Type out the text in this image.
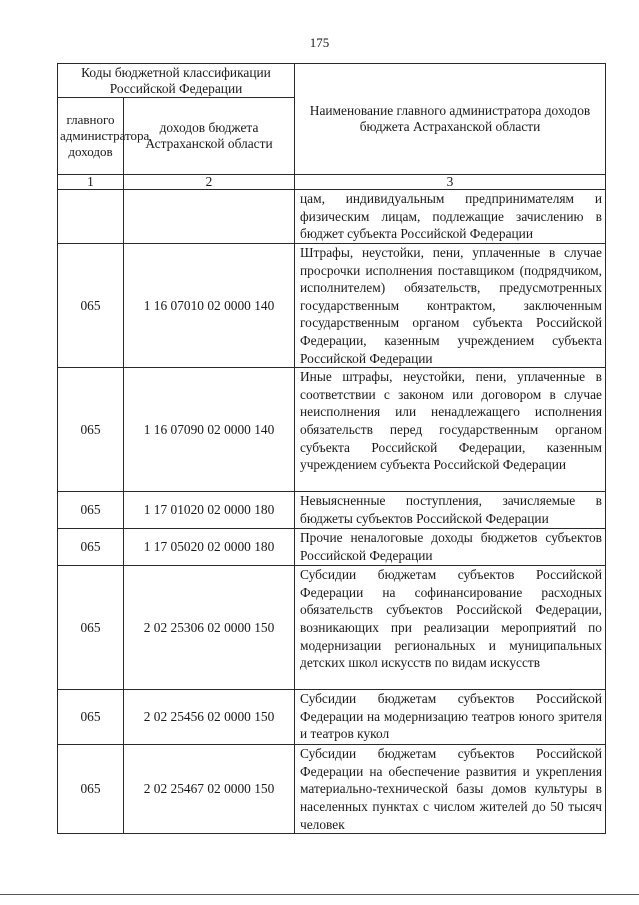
175
Коды бюджетной классификации Российской Федерации		Наименование главного администратора доходов бюджета Астраханской области
главного администратора доходов	доходов бюджета Астраханской области	
1	2	3
		цам, индивидуальным предпринимателям и физическим лицам, подлежащие зачислению в бюджет субъекта Российской Федерации
065	1 16 07010 02 0000 140	Штрафы, неустойки, пени, уплаченные в случае просрочки исполнения поставщиком (подрядчиком, исполнителем) обязательств, предусмотренных государственным контрактом, заключенным государственным органом субъекта Российской Федерации, казенным учреждением субъекта Российской Федерации
065	1 16 07090 02 0000 140	Иные штрафы, неустойки, пени, уплаченные в соответствии с законом или договором в случае неисполнения или ненадлежащего исполнения обязательств перед государственным органом субъекта Российской Федерации, казенным учреждением субъекта Российской Федерации
065	1 17 01020 02 0000 180	Невыясненные поступления, зачисляемые в бюджеты субъектов Российской Федерации
065	1 17 05020 02 0000 180	Прочие неналоговые доходы бюджетов субъектов Российской Федерации
065	2 02 25306 02 0000 150	Субсидии бюджетам субъектов Российской Федерации на софинансирование расходных обязательств субъектов Российской Федерации, возникающих при реализации мероприятий по модернизации региональных и муниципальных детских школ искусств по видам искусств
065	2 02 25456 02 0000 150	Субсидии бюджетам субъектов Российской Федерации на модернизацию театров юного зрителя и театров кукол
065	2 02 25467 02 0000 150	Субсидии бюджетам субъектов Российской Федерации на обеспечение развития и укрепления материально-технической базы домов культуры в населенных пунктах с числом жителей до 50 тысяч человек
